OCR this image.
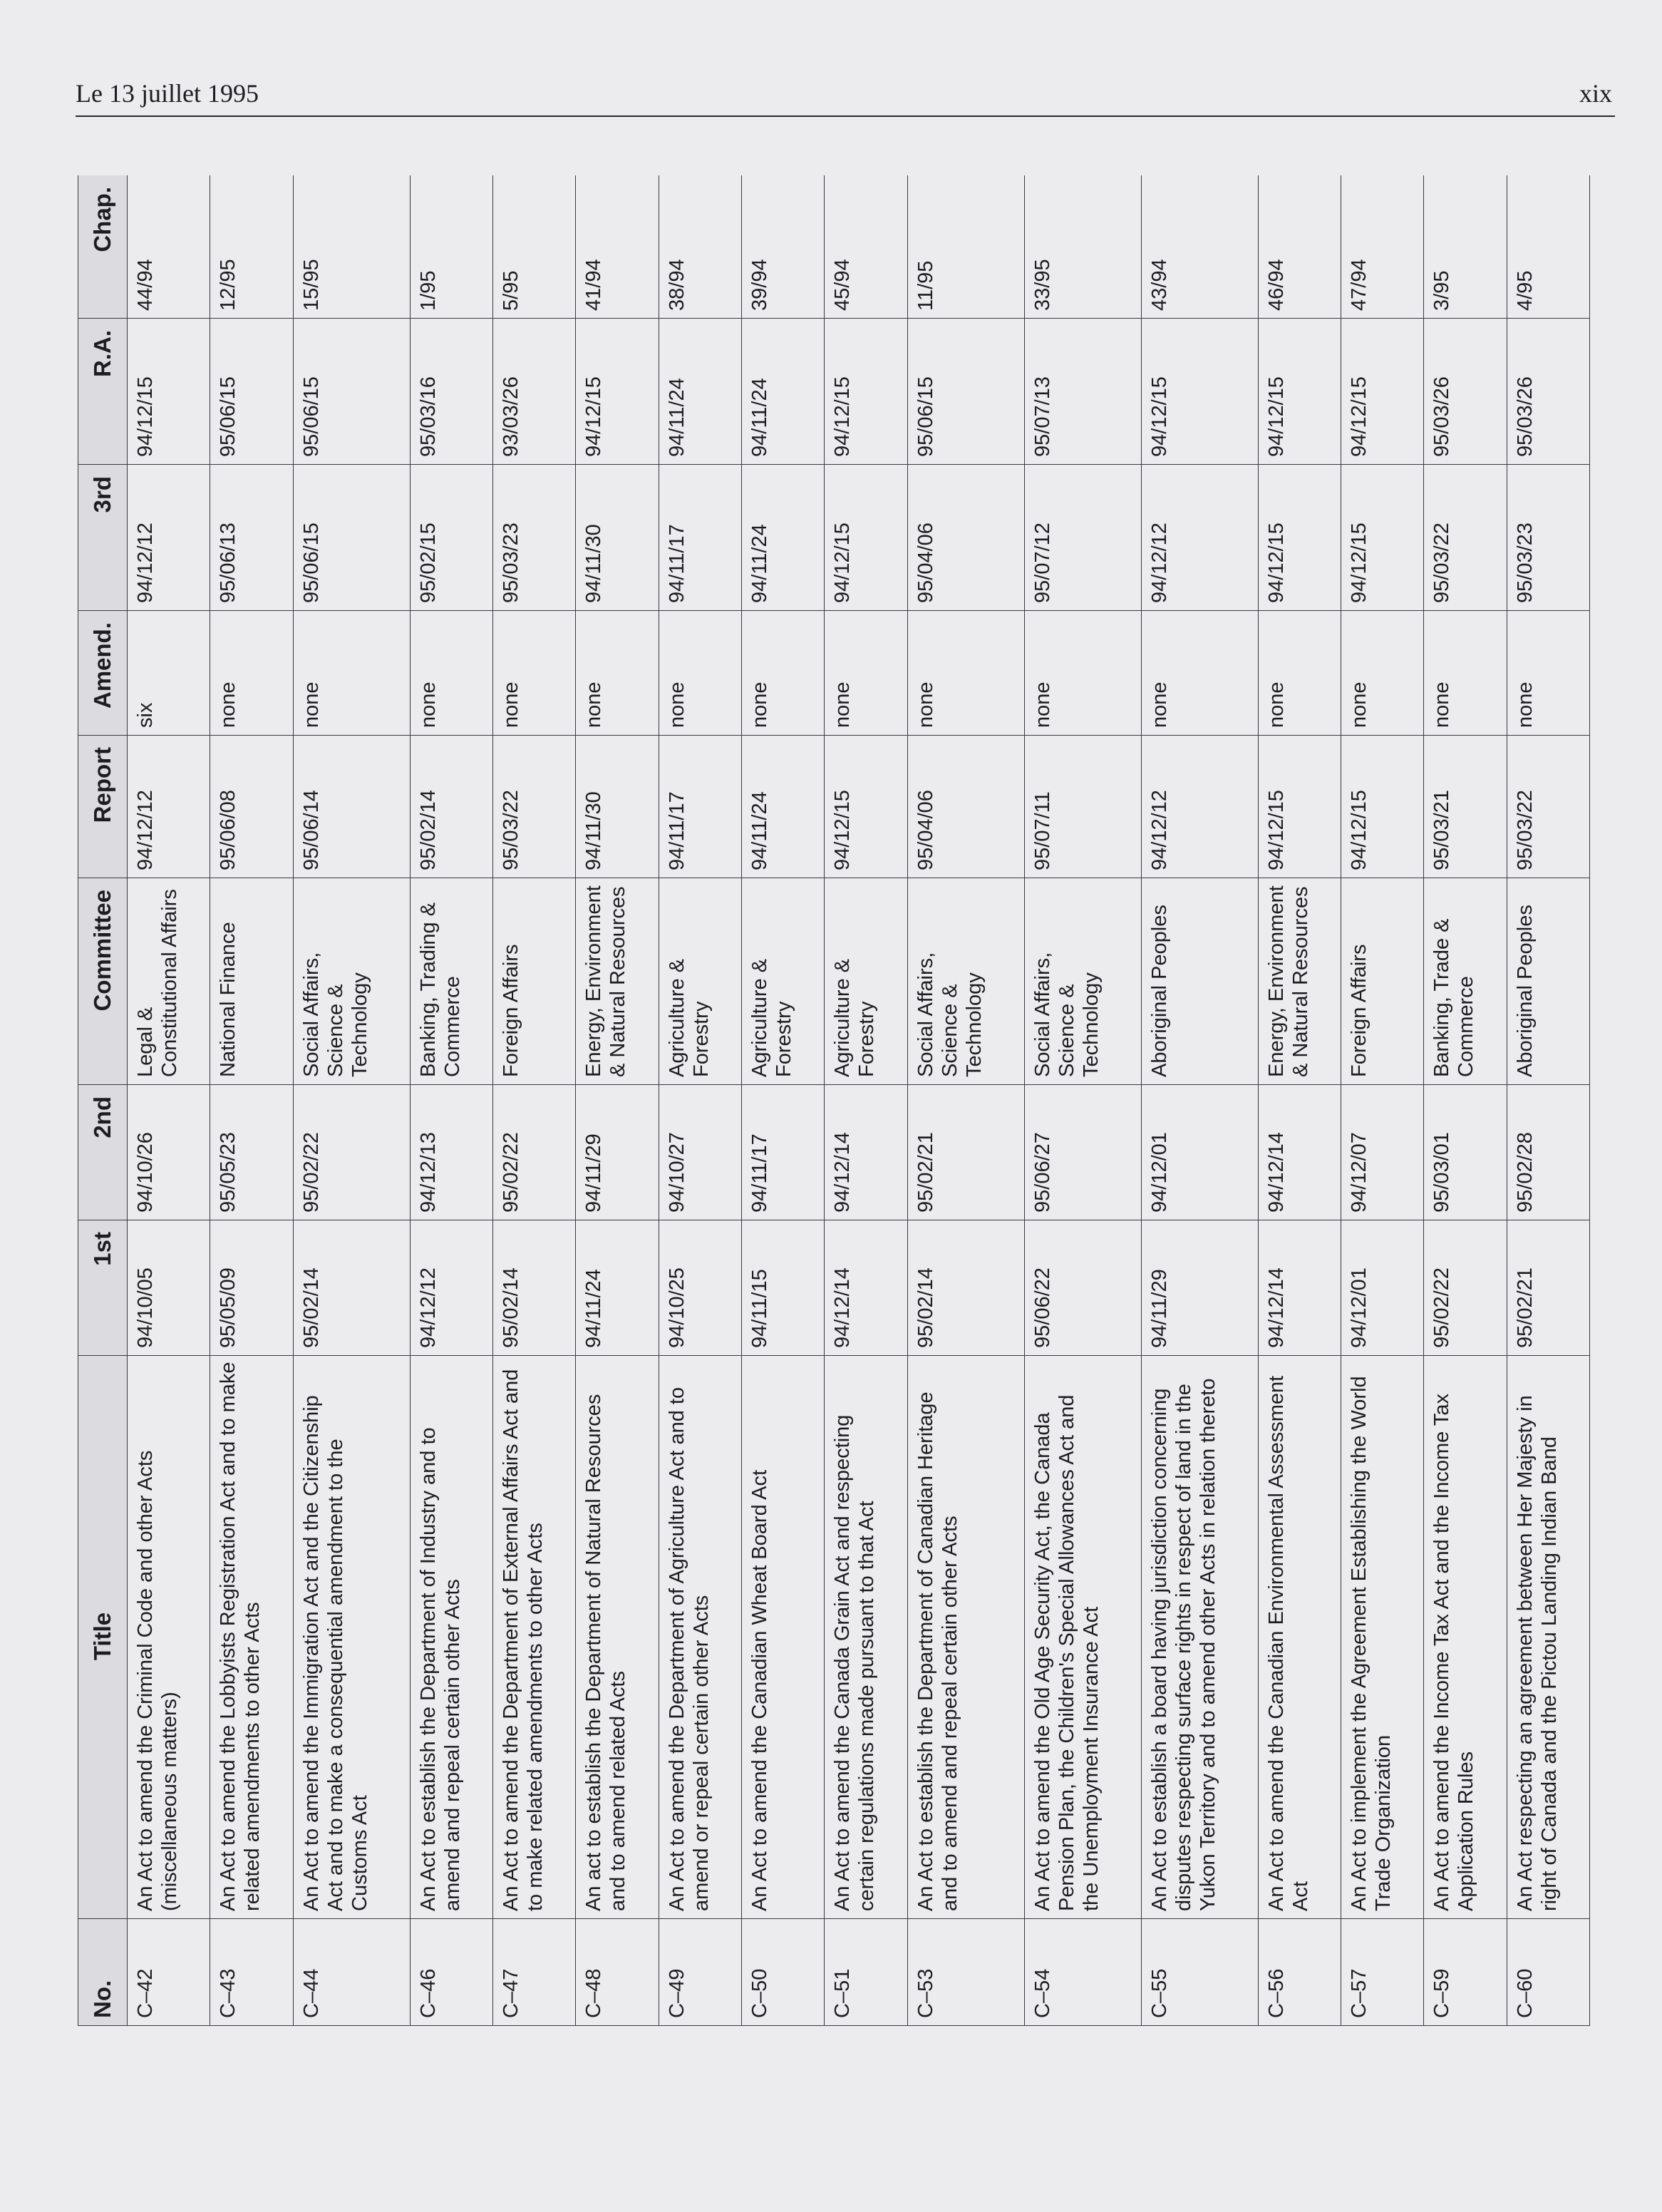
Le 13 juillet 1995	xix
No.	Title	1st	2nd	Committee	Report	Amend.	3rd	R.A.	Chap.
C–42	An Act to amend the Criminal Code and other Acts (miscellaneous matters)	94/10/05	94/10/26	Legal & Constitutional Affairs	94/12/12	six	94/12/12	94/12/15	44/94
C–43	An Act to amend the Lobbyists Registration Act and to make related amendments to other Acts	95/05/09	95/05/23	National Finance	95/06/08	none	95/06/13	95/06/15	12/95
C–44	An Act to amend the Immigration Act and the Citizenship Act and to make a consequential amendment to the Customs Act	95/02/14	95/02/22	Social Affairs, Science & Technology	95/06/14	none	95/06/15	95/06/15	15/95
C–46	An Act to establish the Department of Industry and to amend and repeal certain other Acts	94/12/12	94/12/13	Banking, Trading & Commerce	95/02/14	none	95/02/15	95/03/16	1/95
C–47	An Act to amend the Department of External Affairs Act and to make related amendments to other Acts	95/02/14	95/02/22	Foreign Affairs	95/03/22	none	95/03/23	93/03/26	5/95
C–48	An act to establish the Department of Natural Resources and to amend related Acts	94/11/24	94/11/29	Energy, Environment & Natural Resources	94/11/30	none	94/11/30	94/12/15	41/94
C–49	An Act to amend the Department of Agriculture Act and to amend or repeal certain other Acts	94/10/25	94/10/27	Agriculture & Forestry	94/11/17	none	94/11/17	94/11/24	38/94
C–50	An Act to amend the Canadian Wheat Board Act	94/11/15	94/11/17	Agriculture & Forestry	94/11/24	none	94/11/24	94/11/24	39/94
C–51	An Act to amend the Canada Grain Act and respecting certain regulations made pursuant to that Act	94/12/14	94/12/14	Agriculture & Forestry	94/12/15	none	94/12/15	94/12/15	45/94
C–53	An Act to establish the Department of Canadian Heritage and to amend and repeal certain other Acts	95/02/14	95/02/21	Social Affairs, Science & Technology	95/04/06	none	95/04/06	95/06/15	11/95
C–54	An Act to amend the Old Age Security Act, the Canada Pension Plan, the Children's Special Allowances Act and the Unemployment Insurance Act	95/06/22	95/06/27	Social Affairs, Science & Technology	95/07/11	none	95/07/12	95/07/13	33/95
C–55	An Act to establish a board having jurisdiction concerning disputes respecting surface rights in respect of land in the Yukon Territory and to amend other Acts in relation thereto	94/11/29	94/12/01	Aboriginal Peoples	94/12/12	none	94/12/12	94/12/15	43/94
C–56	An Act to amend the Canadian Environmental Assessment Act	94/12/14	94/12/14	Energy, Environment & Natural Resources	94/12/15	none	94/12/15	94/12/15	46/94
C–57	An Act to implement the Agreement Establishing the World Trade Organization	94/12/01	94/12/07	Foreign Affairs	94/12/15	none	94/12/15	94/12/15	47/94
C–59	An Act to amend the Income Tax Act and the Income Tax Application Rules	95/02/22	95/03/01	Banking, Trade & Commerce	95/03/21	none	95/03/22	95/03/26	3/95
C–60	An Act respecting an agreement between Her Majesty in right of Canada and the Pictou Landing Indian Band	95/02/21	95/02/28	Aboriginal Peoples	95/03/22	none	95/03/23	95/03/26	4/95
